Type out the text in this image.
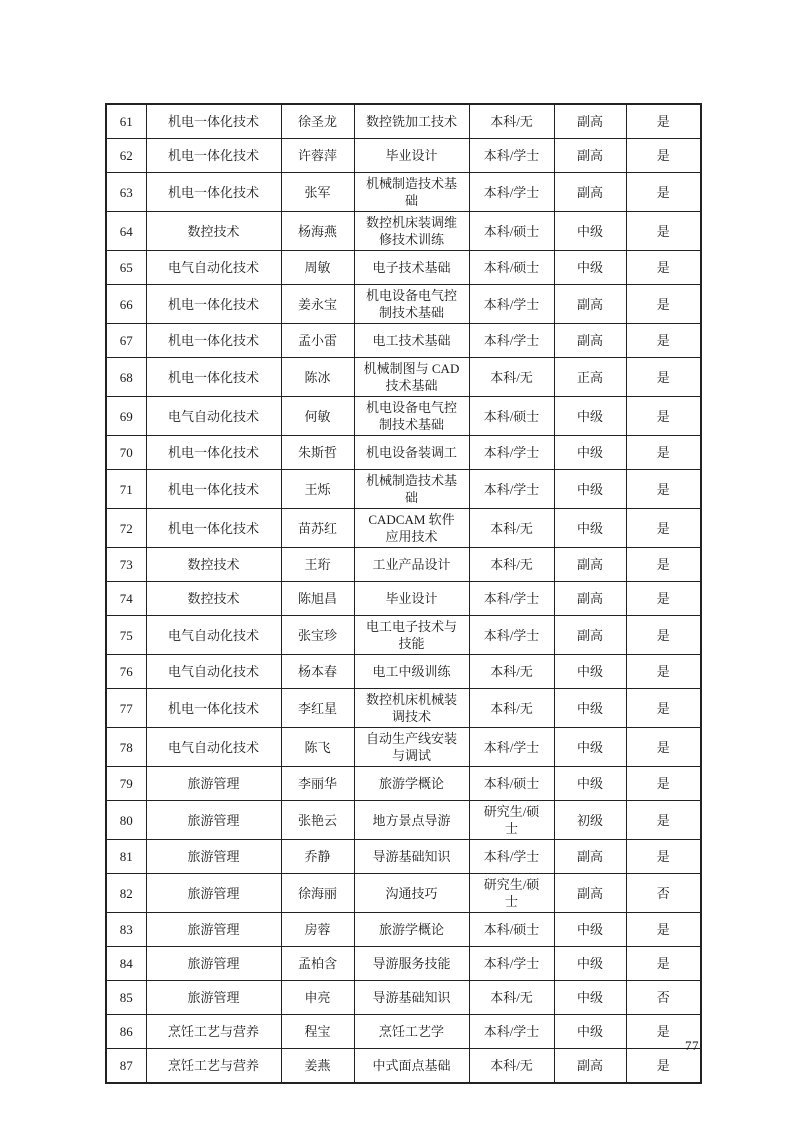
61	机电一体化技术	徐圣龙	数控铣加工技术	本科/无	副高	是
62	机电一体化技术	许蓉萍	毕业设计	本科/学士	副高	是
63	机电一体化技术	张军	机械制造技术基础	本科/学士	副高	是
64	数控技术	杨海燕	数控机床装调维修技术训练	本科/硕士	中级	是
65	电气自动化技术	周敏	电子技术基础	本科/硕士	中级	是
66	机电一体化技术	姜永宝	机电设备电气控制技术基础	本科/学士	副高	是
67	机电一体化技术	孟小雷	电工技术基础	本科/学士	副高	是
68	机电一体化技术	陈冰	机械制图与 CAD 技术基础	本科/无	正高	是
69	电气自动化技术	何敏	机电设备电气控制技术基础	本科/硕士	中级	是
70	机电一体化技术	朱斯哲	机电设备装调工	本科/学士	中级	是
71	机电一体化技术	王烁	机械制造技术基础	本科/学士	中级	是
72	机电一体化技术	苗苏红	CADCAM 软件应用技术	本科/无	中级	是
73	数控技术	王珩	工业产品设计	本科/无	副高	是
74	数控技术	陈旭昌	毕业设计	本科/学士	副高	是
75	电气自动化技术	张宝珍	电工电子技术与技能	本科/学士	副高	是
76	电气自动化技术	杨本春	电工中级训练	本科/无	中级	是
77	机电一体化技术	李红星	数控机床机械装调技术	本科/无	中级	是
78	电气自动化技术	陈飞	自动生产线安装与调试	本科/学士	中级	是
79	旅游管理	李丽华	旅游学概论	本科/硕士	中级	是
80	旅游管理	张艳云	地方景点导游	研究生/硕士	初级	是
81	旅游管理	乔静	导游基础知识	本科/学士	副高	是
82	旅游管理	徐海丽	沟通技巧	研究生/硕士	副高	否
83	旅游管理	房蓉	旅游学概论	本科/硕士	中级	是
84	旅游管理	孟柏含	导游服务技能	本科/学士	中级	是
85	旅游管理	申亮	导游基础知识	本科/无	中级	否
86	烹饪工艺与营养	程宝	烹饪工艺学	本科/学士	中级	是
87	烹饪工艺与营养	姜燕	中式面点基础	本科/无	副高	是
77
